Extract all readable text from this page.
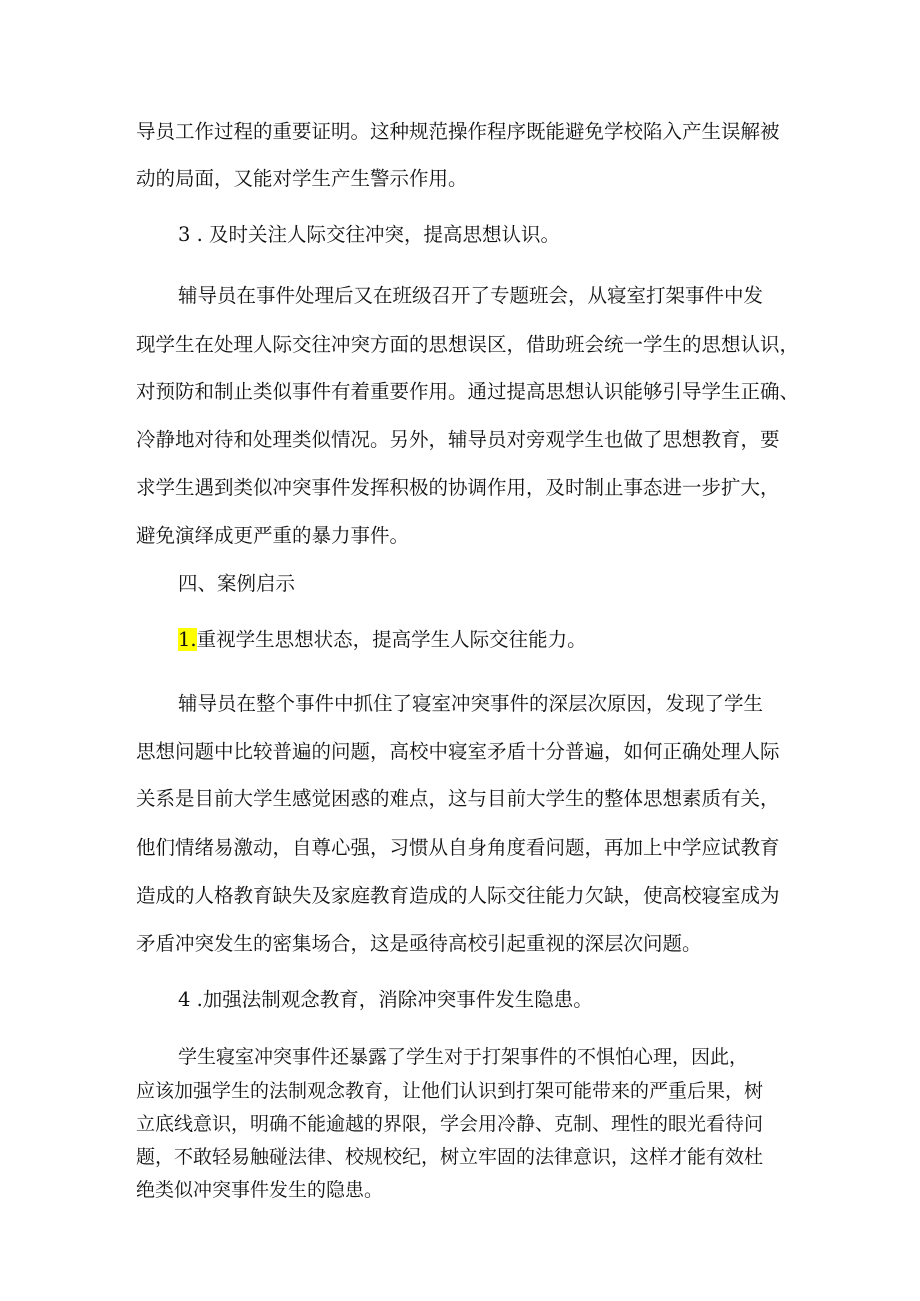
导员工作过程的重要证明。这种规范操作程序既能避免学校陷入产生误解被

动的局面，又能对学生产生警示作用。

3 . 及时关注人际交往冲突，提高思想认识。

辅导员在事件处理后又在班级召开了专题班会，从寝室打架事件中发

现学生在处理人际交往冲突方面的思想误区，借助班会统一学生的思想认识，

对预防和制止类似事件有着重要作用。通过提高思想认识能够引导学生正确、

冷静地对待和处理类似情况。另外，辅导员对旁观学生也做了思想教育，要

求学生遇到类似冲突事件发挥积极的协调作用，及时制止事态进一步扩大，

避免演绎成更严重的暴力事件。

四、案例启示

1.重视学生思想状态，提高学生人际交往能力。

辅导员在整个事件中抓住了寝室冲突事件的深层次原因，发现了学生

思想问题中比较普遍的问题，高校中寝室矛盾十分普遍，如何正确处理人际

关系是目前大学生感觉困惑的难点，这与目前大学生的整体思想素质有关，

他们情绪易激动，自尊心强，习惯从自身角度看问题，再加上中学应试教育

造成的人格教育缺失及家庭教育造成的人际交往能力欠缺，使高校寝室成为

矛盾冲突发生的密集场合，这是亟待高校引起重视的深层次问题。

4 .加强法制观念教育，消除冲突事件发生隐患。

学生寝室冲突事件还暴露了学生对于打架事件的不惧怕心理，因此，

应该加强学生的法制观念教育，让他们认识到打架可能带来的严重后果，树

立底线意识，明确不能逾越的界限，学会用冷静、克制、理性的眼光看待问

题，不敢轻易触碰法律、校规校纪，树立牢固的法律意识，这样才能有效杜

绝类似冲突事件发生的隐患。
